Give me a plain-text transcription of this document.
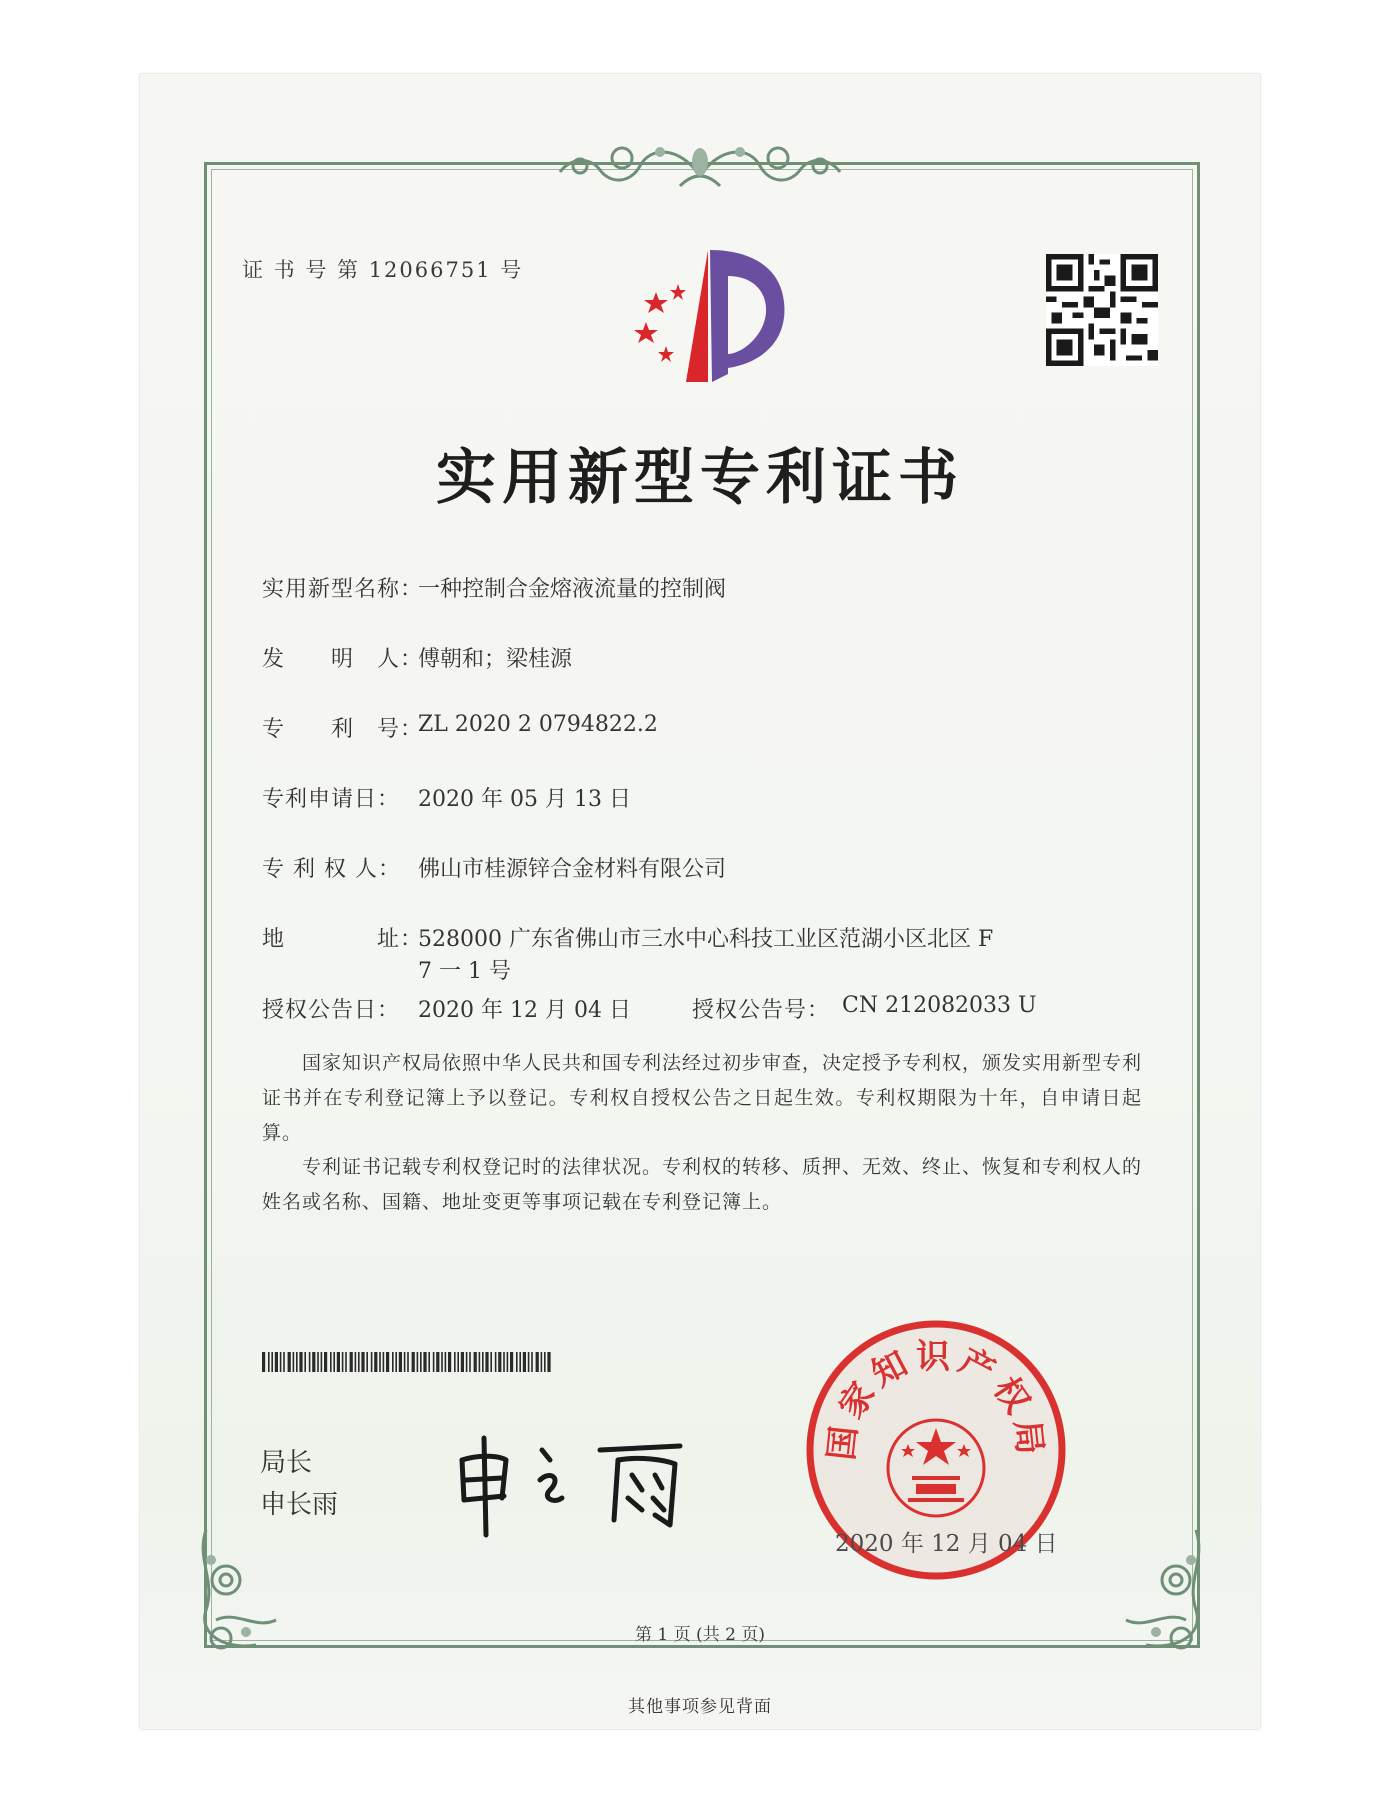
证 书 号 第 12066751 号
实用新型专利证书
实用新型名称：
一种控制合金熔液流量的控制阀
发　　明　人：
傅朝和；梁桂源
专　　利　号：
ZL 2020 2 0794822.2
专利申请日： 2020 年 05 月 13 日
专 利 权 人： 佛山市桂源锌合金材料有限公司
地　　　　址：
528000 广东省佛山市三水中心科技工业区范湖小区北区 F
7 一 1 号
授权公告日： 2020 年 12 月 04 日	授权公告号： CN 212082033 U
　　国家知识产权局依照中华人民共和国专利法经过初步审查，决定授予专利权，颁发实用新型专利证书并在专利登记簿上予以登记。专利权自授权公告之日起生效。专利权期限为十年，自申请日起算。
　　专利证书记载专利权登记时的法律状况。专利权的转移、质押、无效、终止、恢复和专利权人的姓名或名称、国籍、地址变更等事项记载在专利登记簿上。
局长
申长雨
国家知识产权局
2020 年 12 月 04 日
第 1 页 (共 2 页)
其他事项参见背面
